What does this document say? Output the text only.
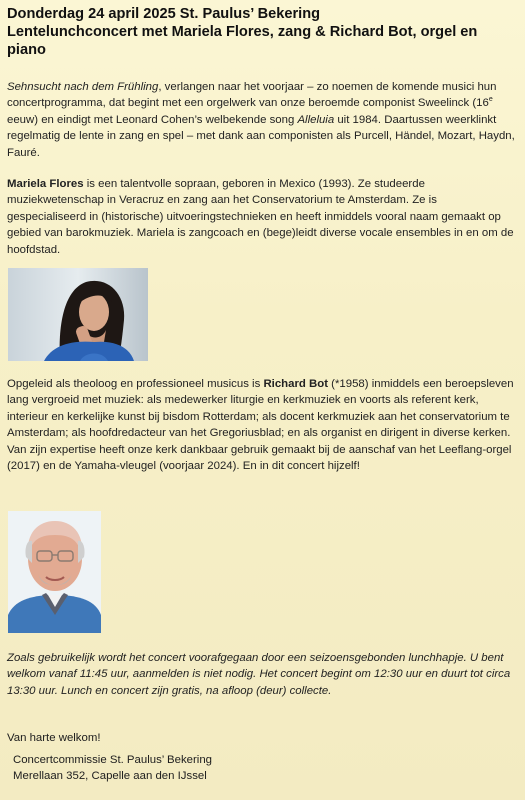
Donderdag 24 april 2025 St. Paulus’ Bekering
Lentelunchconcert met Mariela Flores, zang & Richard Bot, orgel en piano
Sehnsucht nach dem Frühling, verlangen naar het voorjaar – zo noemen de komende musici hun concertprogramma, dat begint met een orgelwerk van onze beroemde componist Sweelinck (16e eeuw) en eindigt met Leonard Cohen’s welbekende song Alleluia uit 1984. Daartussen weerklinkt regelmatig de lente in zang en spel – met dank aan componisten als Purcell, Händel, Mozart, Haydn, Fauré.
Mariela Flores is een talentvolle sopraan, geboren in Mexico (1993). Ze studeerde muziekwetenschap in Veracruz en zang aan het Conservatorium te Amsterdam. Ze is gespecialiseerd in (historische) uitvoeringstechnieken en heeft inmiddels vooral naam gemaakt op gebied van barokmuziek. Mariela is zangcoach en (bege)leidt diverse vocale ensembles in en om de hoofdstad.
Opgeleid als theoloog en professioneel musicus is Richard Bot (*1958) inmiddels een beroepsleven lang vergroeid met muziek: als medewerker liturgie en kerkmuziek en voorts als referent kerk, interieur en kerkelijke kunst bij bisdom Rotterdam; als docent kerkmuziek aan het conservatorium te Amsterdam; als hoofdredacteur van het Gregoriusblad; en als organist en dirigent in diverse kerken. Van zijn expertise heeft onze kerk dankbaar gebruik gemaakt bij de aanschaf van het Leeflang-orgel (2017) en de Yamaha-vleugel (voorjaar 2024). En in dit concert hijzelf!
Zoals gebruikelijk wordt het concert voorafgegaan door een seizoensgebonden lunchhapje. U bent welkom vanaf 11:45 uur, aanmelden is niet nodig. Het concert begint om 12:30 uur en duurt tot circa 13:30 uur. Lunch en concert zijn gratis, na afloop (deur) collecte.
Van harte welkom!
Concertcommissie St. Paulus’ Bekering
Merellaan 352, Capelle aan den IJssel
